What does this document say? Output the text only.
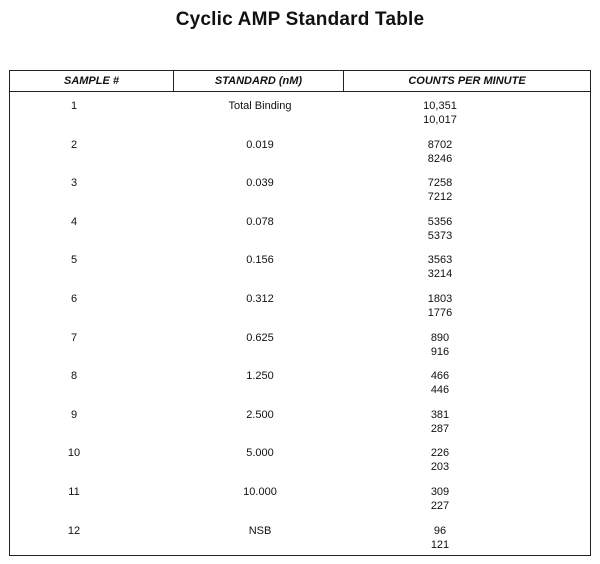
Cyclic AMP Standard Table
SAMPLE #	STANDARD (nM)	COUNTS PER MINUTE
1	Total Binding	10,351
10,017
2	0.019	8702
8246
3	0.039	7258
7212
4	0.078	5356
5373
5	0.156	3563
3214
6	0.312	1803
1776
7	0.625	890
916
8	1.250	466
446
9	2.500	381
287
10	5.000	226
203
11	10.000	309
227
12	NSB	96
121
